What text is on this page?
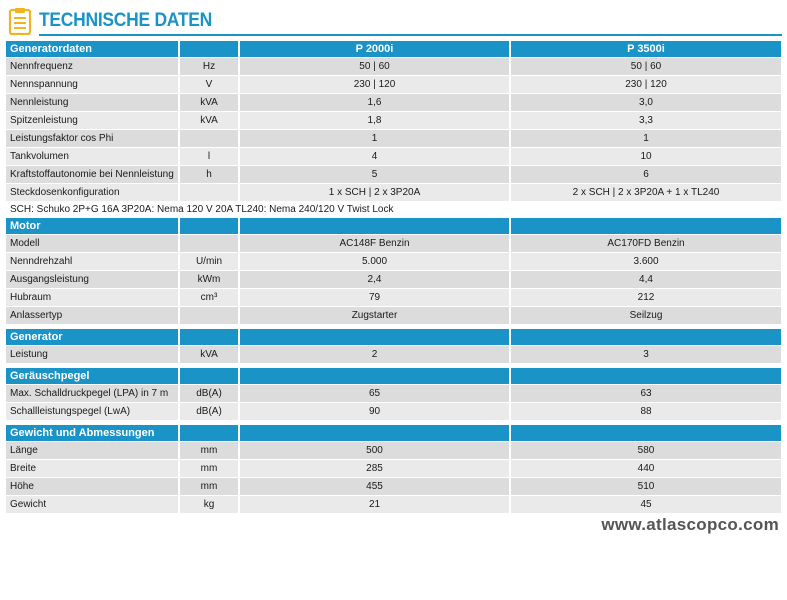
TECHNISCHE DATEN
Generatordaten		P 2000i	P 3500i
Nennfrequenz	Hz	50 | 60	50 | 60
Nennspannung	V	230 | 120	230 | 120
Nennleistung	kVA	1,6	3,0
Spitzenleistung	kVA	1,8	3,3
Leistungsfaktor cos Phi		1	1
Tankvolumen	l	4	10
Kraftstoffautonomie bei Nennleistung	h	5	6
Steckdosenkonfiguration		1 x SCH | 2 x 3P20A	2 x SCH | 2 x 3P20A + 1 x TL240
SCH: Schuko 2P+G 16A 3P20A: Nema 120 V 20A TL240: Nema 240/120 V Twist Lock			
Motor			
Modell		AC148F Benzin	AC170FD Benzin
Nenndrehzahl	U/min	5.000	3.600
Ausgangsleistung	kWm	2,4	4,4
Hubraum	cm³	79	212
Anlassertyp		Zugstarter	Seilzug

Generator			
Leistung	kVA	2	3

Geräuschpegel			
Max. Schalldruckpegel (LPA) in 7 m	dB(A)	65	63
Schallleistungspegel (LwA)	dB(A)	90	88

Gewicht und Abmessungen			
Länge	mm	500	580
Breite	mm	285	440
Höhe	mm	455	510
Gewicht	kg	21	45
www.atlascopco.com
